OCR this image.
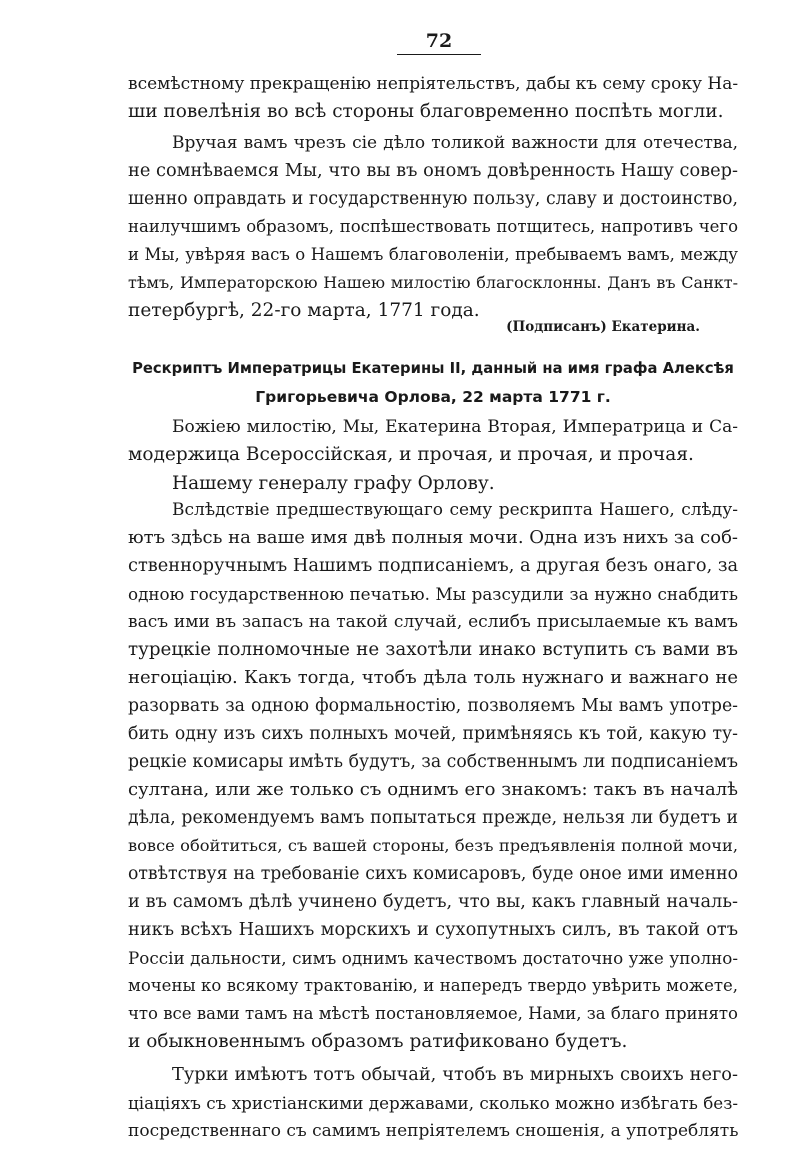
72
всемѣстному прекращенію непріятельствъ, дабы къ сему сроку На-
ши повелѣнія во всѣ стороны благовременно поспѣть могли.
Вручая вамъ чрезъ сіе дѣло толикой важности для отечества,
не сомнѣваемся Мы, что вы въ ономъ довѣренность Нашу совер-
шенно оправдать и государственную пользу, славу и достоинство,
наилучшимъ образомъ, поспѣшествовать потщитесь, напротивъ чего
и Мы, увѣряя васъ о Нашемъ благоволеніи, пребываемъ вамъ, между
тѣмъ, Императорскою Нашею милостію благосклонны. Данъ въ Санкт-
петербургѣ, 22-го марта, 1771 года.
(Подписанъ) Екатерина.
Рескриптъ Императрицы Екатерины II, данный на имя графа Алексѣя
Григорьевича Орлова, 22 марта 1771 г.
Божіею милостію, Мы, Екатерина Вторая, Императрица и Са-
модержица Всероссійская, и прочая, и прочая, и прочая.
Нашему генералу графу Орлову.
Вслѣдствіе предшествующаго сему рескрипта Нашего, слѣду-
ютъ здѣсь на ваше имя двѣ полныя мочи. Одна изъ нихъ за соб-
ственноручнымъ Нашимъ подписаніемъ, а другая безъ онаго, за
одною государственною печатью. Мы разсудили за нужно снабдить
васъ ими въ запасъ на такой случай, еслибъ присылаемые къ вамъ
турецкіе полномочные не захотѣли инако вступить съ вами въ
негоціацію. Какъ тогда, чтобъ дѣла толь нужнаго и важнаго не
разорвать за одною формальностію, позволяемъ Мы вамъ употре-
бить одну изъ сихъ полныхъ мочей, примѣняясь къ той, какую ту-
рецкіе комисары имѣть будутъ, за собственнымъ ли подписаніемъ
султана, или же только съ однимъ его знакомъ: такъ въ началѣ
дѣла, рекомендуемъ вамъ попытаться прежде, нельзя ли будетъ и
вовсе обойтиться, съ вашей стороны, безъ предъявленія полной мочи,
отвѣтствуя на требованіе сихъ комисаровъ, буде оное ими именно
и въ самомъ дѣлѣ учинено будетъ, что вы, какъ главный началь-
никъ всѣхъ Нашихъ морскихъ и сухопутныхъ силъ, въ такой отъ
Россіи дальности, симъ однимъ качествомъ достаточно уже уполно-
мочены ко всякому трактованію, и напередъ твердо увѣрить можете,
что все вами тамъ на мѣстѣ постановляемое, Нами, за благо принято
и обыкновеннымъ образомъ ратификовано будетъ.
Турки имѣютъ тотъ обычай, чтобъ въ мирныхъ своихъ него-
ціаціяхъ съ христіанскими державами, сколько можно избѣгать без-
посредственнаго съ самимъ непріятелемъ сношенія, а употреблять
